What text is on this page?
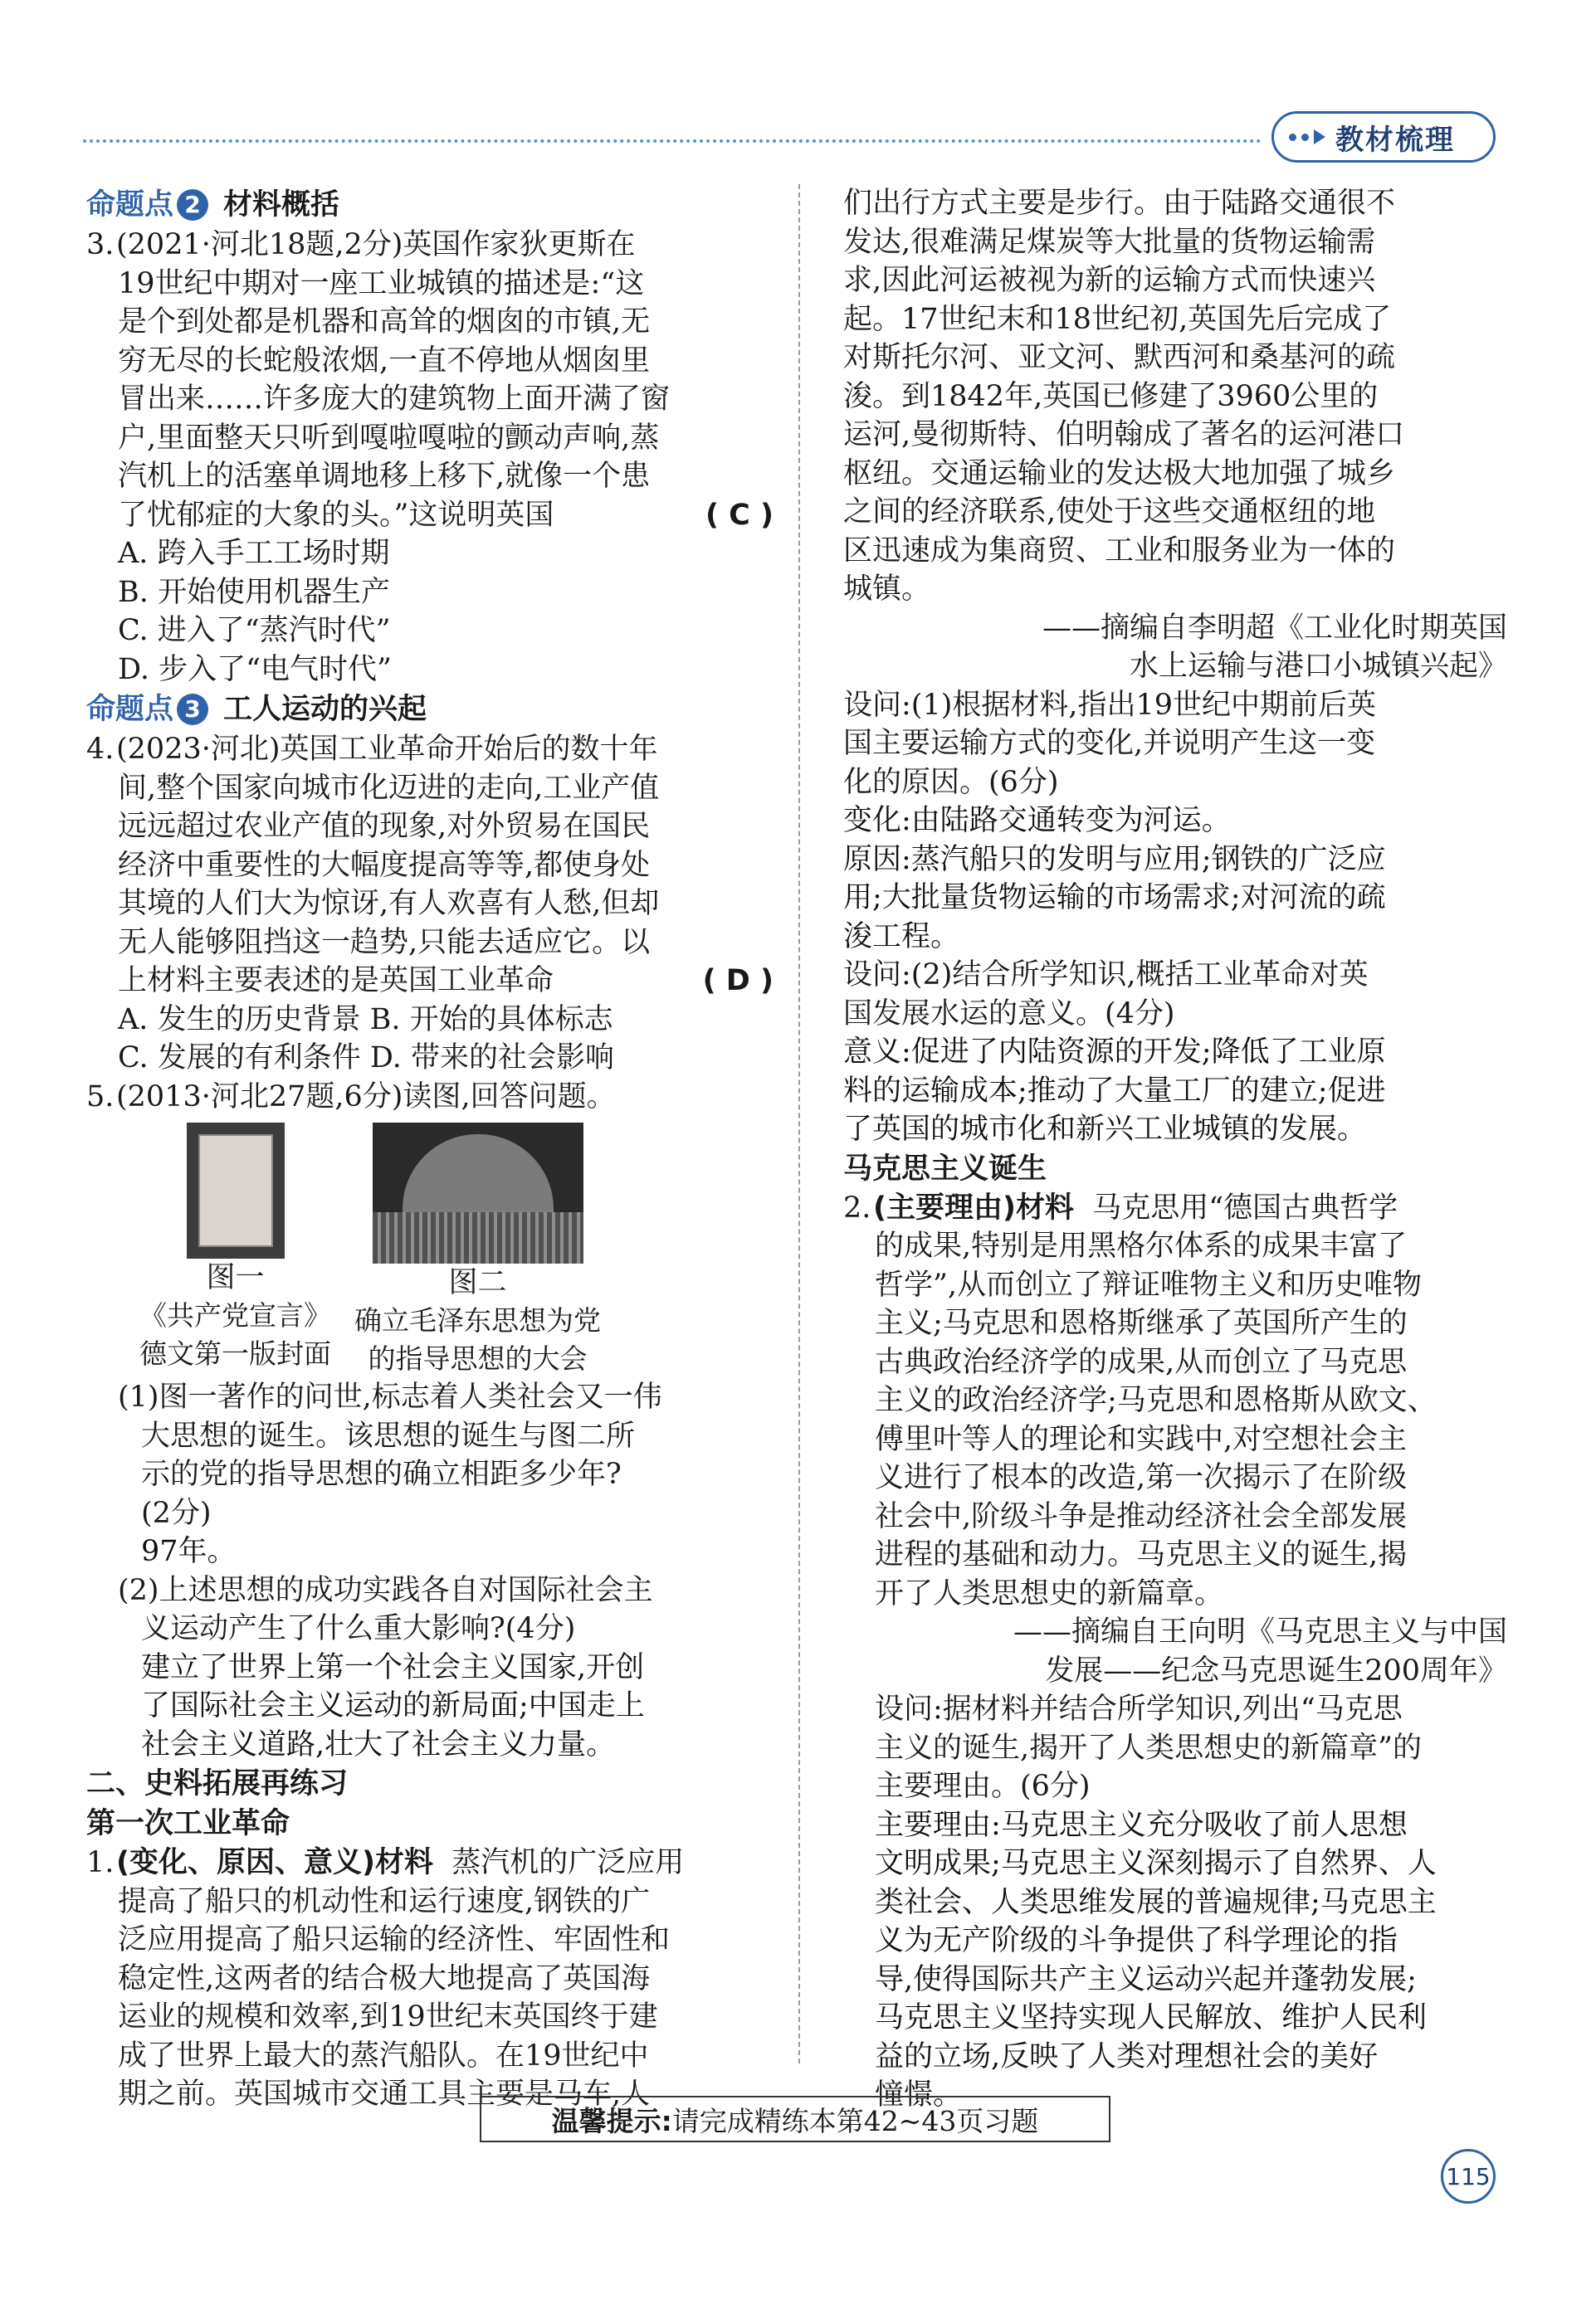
教材梳理
命题点 2 材料概括
3.(2021·河北18题,2分)英国作家狄更斯在
19世纪中期对一座工业城镇的描述是:“这
是个到处都是机器和高耸的烟囱的市镇,无
穷无尽的长蛇般浓烟,一直不停地从烟囱里
冒出来……许多庞大的建筑物上面开满了窗
户,里面整天只听到嘎啦嘎啦的颤动声响,蒸
汽机上的活塞单调地移上移下,就像一个患
了忧郁症的大象的头。”这说明英国	( C )
A. 跨入手工工场时期
B. 开始使用机器生产
C. 进入了“蒸汽时代”
D. 步入了“电气时代”
命题点 3 工人运动的兴起
4.(2023·河北)英国工业革命开始后的数十年
间,整个国家向城市化迈进的走向,工业产值
远远超过农业产值的现象,对外贸易在国民
经济中重要性的大幅度提高等等,都使身处
其境的人们大为惊讶,有人欢喜有人愁,但却
无人能够阻挡这一趋势,只能去适应它。以
上材料主要表述的是英国工业革命	( D )
A. 发生的历史背景 B. 开始的具体标志
C. 发展的有利条件 D. 带来的社会影响
5.(2013·河北27题,6分)读图,回答问题。
图一
《共产党宣言》
德文第一版封面
图二
确立毛泽东思想为党
的指导思想的大会
(1)图一著作的问世,标志着人类社会又一伟
大思想的诞生。该思想的诞生与图二所
示的党的指导思想的确立相距多少年?
(2分)
97年。
(2)上述思想的成功实践各自对国际社会主
义运动产生了什么重大影响?(4分)
建立了世界上第一个社会主义国家,开创
了国际社会主义运动的新局面;中国走上
社会主义道路,壮大了社会主义力量。
二、史料拓展再练习
第一次工业革命
1.(变化、原因、意义)材料 蒸汽机的广泛应用
提高了船只的机动性和运行速度,钢铁的广
泛应用提高了船只运输的经济性、牢固性和
稳定性,这两者的结合极大地提高了英国海
运业的规模和效率,到19世纪末英国终于建
成了世界上最大的蒸汽船队。在19世纪中
期之前。英国城市交通工具主要是马车,人
们出行方式主要是步行。由于陆路交通很不
发达,很难满足煤炭等大批量的货物运输需
求,因此河运被视为新的运输方式而快速兴
起。17世纪末和18世纪初,英国先后完成了
对斯托尔河、亚文河、默西河和桑基河的疏
浚。到1842年,英国已修建了3960公里的
运河,曼彻斯特、伯明翰成了著名的运河港口
枢纽。交通运输业的发达极大地加强了城乡
之间的经济联系,使处于这些交通枢纽的地
区迅速成为集商贸、工业和服务业为一体的
城镇。
——摘编自李明超《工业化时期英国
水上运输与港口小城镇兴起》
设问:(1)根据材料,指出19世纪中期前后英
国主要运输方式的变化,并说明产生这一变
化的原因。(6分)
变化:由陆路交通转变为河运。
原因:蒸汽船只的发明与应用;钢铁的广泛应
用;大批量货物运输的市场需求;对河流的疏
浚工程。
设问:(2)结合所学知识,概括工业革命对英
国发展水运的意义。(4分)
意义:促进了内陆资源的开发;降低了工业原
料的运输成本;推动了大量工厂的建立;促进
了英国的城市化和新兴工业城镇的发展。
马克思主义诞生
2.(主要理由)材料 马克思用“德国古典哲学
的成果,特别是用黑格尔体系的成果丰富了
哲学”,从而创立了辩证唯物主义和历史唯物
主义;马克思和恩格斯继承了英国所产生的
古典政治经济学的成果,从而创立了马克思
主义的政治经济学;马克思和恩格斯从欧文、
傅里叶等人的理论和实践中,对空想社会主
义进行了根本的改造,第一次揭示了在阶级
社会中,阶级斗争是推动经济社会全部发展
进程的基础和动力。马克思主义的诞生,揭
开了人类思想史的新篇章。
——摘编自王向明《马克思主义与中国
发展——纪念马克思诞生200周年》
设问:据材料并结合所学知识,列出“马克思
主义的诞生,揭开了人类思想史的新篇章”的
主要理由。(6分)
主要理由:马克思主义充分吸收了前人思想
文明成果;马克思主义深刻揭示了自然界、人
类社会、人类思维发展的普遍规律;马克思主
义为无产阶级的斗争提供了科学理论的指
导,使得国际共产主义运动兴起并蓬勃发展;
马克思主义坚持实现人民解放、维护人民利
益的立场,反映了人类对理想社会的美好
憧憬。
温馨提示: 请完成精练本第42~43页习题
115
